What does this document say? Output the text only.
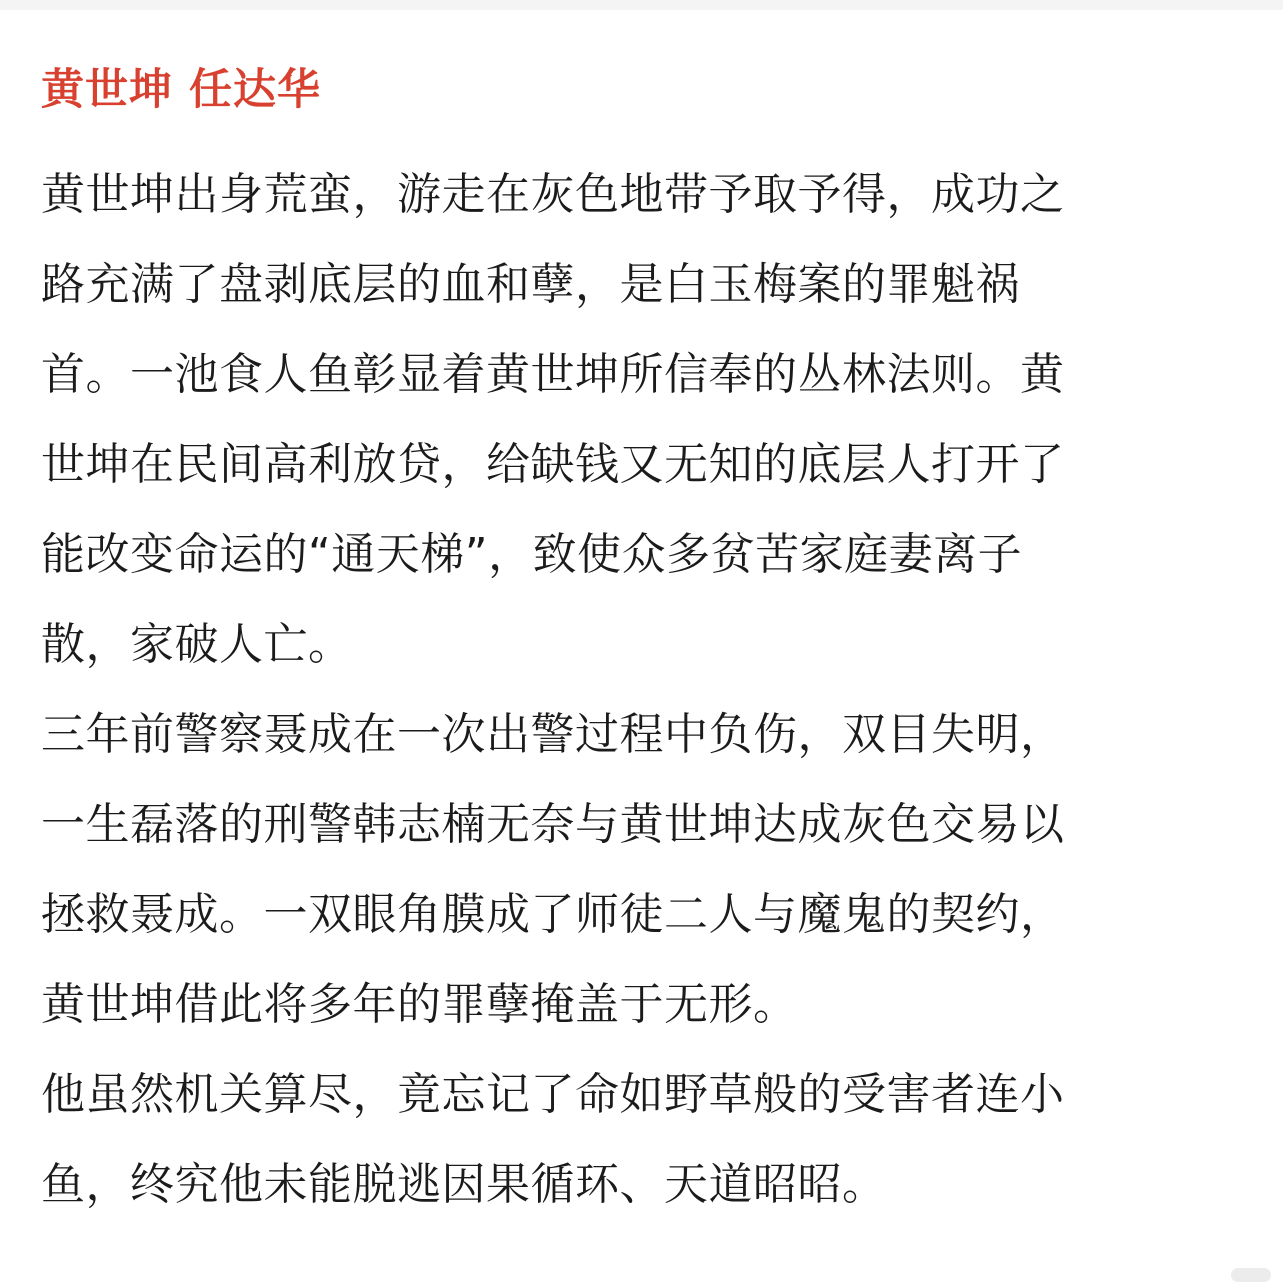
黄世坤 任达华
黄世坤出身荒蛮，游走在灰色地带予取予得，成功之
路充满了盘剥底层的血和孽，是白玉梅案的罪魁祸
首。一池食人鱼彰显着黄世坤所信奉的丛林法则。黄
世坤在民间高利放贷，给缺钱又无知的底层人打开了
能改变命运的“通天梯”，致使众多贫苦家庭妻离子
散，家破人亡。
三年前警察聂成在一次出警过程中负伤，双目失明，
一生磊落的刑警韩志楠无奈与黄世坤达成灰色交易以
拯救聂成。一双眼角膜成了师徒二人与魔鬼的契约，
黄世坤借此将多年的罪孽掩盖于无形。
他虽然机关算尽，竟忘记了命如野草般的受害者连小
鱼，终究他未能脱逃因果循环、天道昭昭。
